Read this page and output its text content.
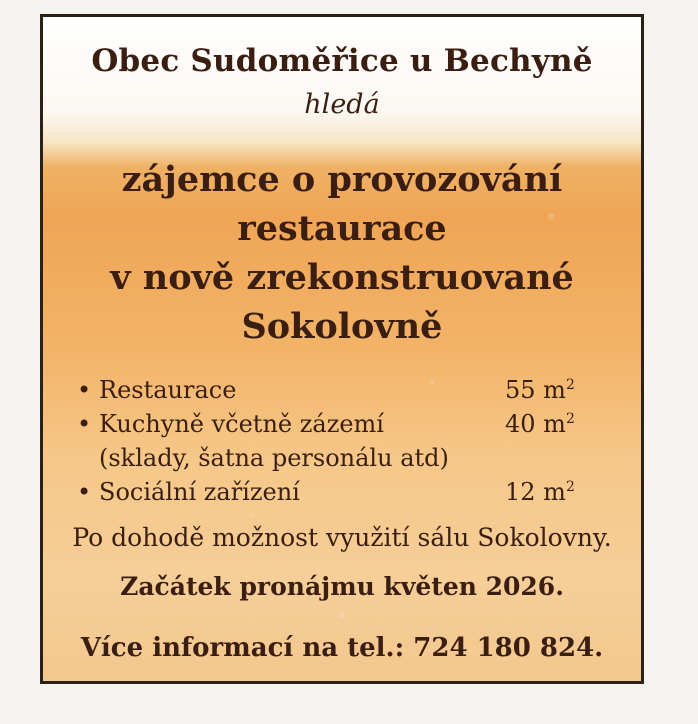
Obec Sudoměřice u Bechyně

hledá

zájemce o provozování
restaurace
v nově zrekonstruované
Sokolovně
• Restaurace	55 $m^2$
• Kuchyně včetně zázemí	40 $m^2$
(sklady, šatna personálu atd)
• Sociální zařízení	12 $m^2$

Po dohodě možnost využití sálu Sokolovny.

Začátek pronájmu květen 2026.

Více informací na tel.: 724 180 824.
